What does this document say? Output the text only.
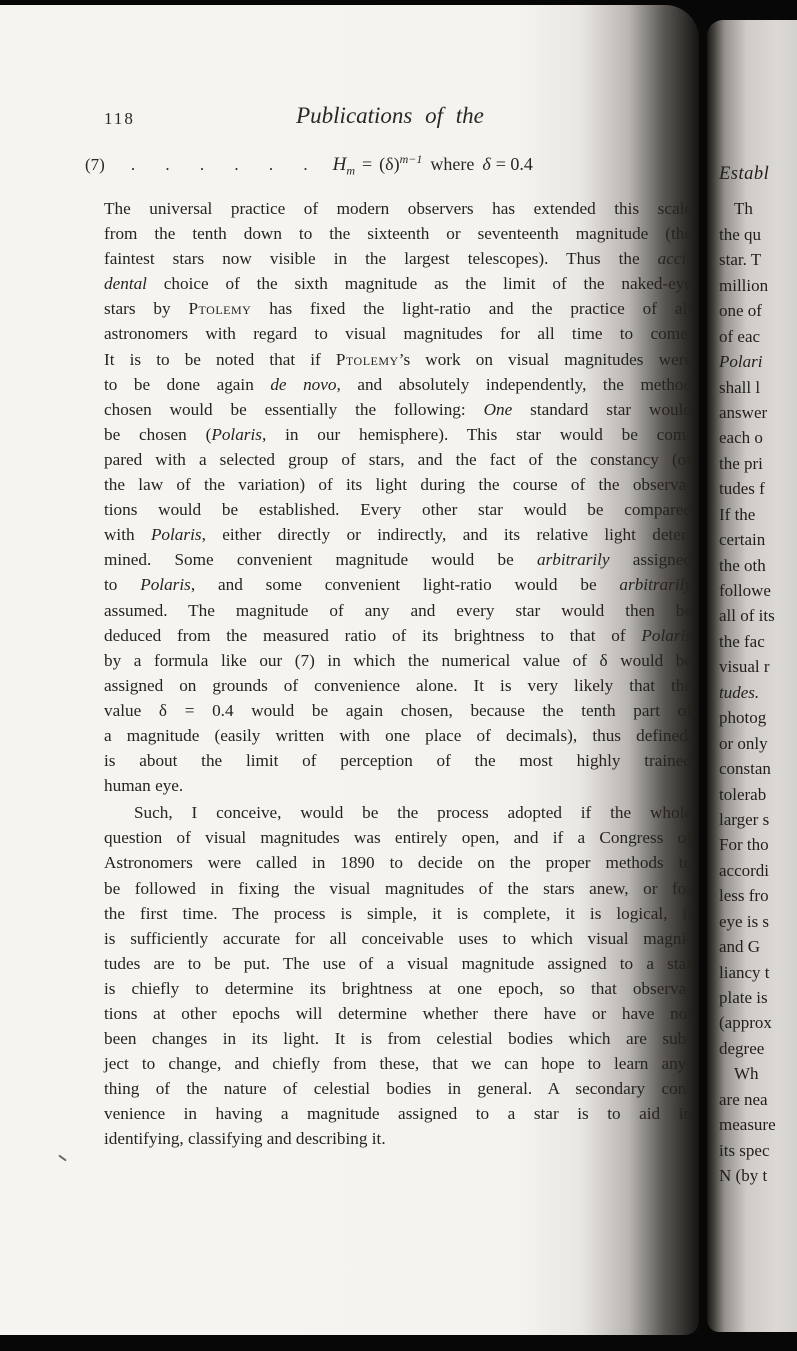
118	Publications of the
(7) . . . . . . $H_m = (\delta)^{m-1}$ where δ = 0.4
The universal practice of modern observers has extended this scale
from the tenth down to the sixteenth or seventeenth magnitude (the
faintest stars now visible in the largest telescopes). Thus the acci-
dental choice of the sixth magnitude as the limit of the naked-eye
stars by Ptolemy has fixed the light-ratio and the practice of all
astronomers with regard to visual magnitudes for all time to come.
It is to be noted that if Ptolemy’s work on visual magnitudes were
to be done again de novo, and absolutely independently, the method
chosen would be essentially the following: One standard star would
be chosen (Polaris, in our hemisphere). This star would be com-
pared with a selected group of stars, and the fact of the constancy (or
the law of the variation) of its light during the course of the observa-
tions would be established. Every other star would be compared
with Polaris, either directly or indirectly, and its relative light deter-
mined. Some convenient magnitude would be arbitrarily assigned
to Polaris, and some convenient light-ratio would be arbitrarily
assumed. The magnitude of any and every star would then be
deduced from the measured ratio of its brightness to that of Polaris
by a formula like our (7) in which the numerical value of δ would be
assigned on grounds of convenience alone. It is very likely that the
value δ = 0.4 would be again chosen, because the tenth part of
a magnitude (easily written with one place of decimals), thus defined,
is about the limit of perception of the most highly trained
human eye.
Such, I conceive, would be the process adopted if the whole
question of visual magnitudes was entirely open, and if a Congress of
Astronomers were called in 1890 to decide on the proper methods to
be followed in fixing the visual magnitudes of the stars anew, or for
the first time. The process is simple, it is complete, it is logical, it
is sufficiently accurate for all conceivable uses to which visual magni-
tudes are to be put. The use of a visual magnitude assigned to a star
is chiefly to determine its brightness at one epoch, so that observa-
tions at other epochs will determine whether there have or have not
been changes in its light. It is from celestial bodies which are sub-
ject to change, and chiefly from these, that we can hope to learn any-
thing of the nature of celestial bodies in general. A secondary con-
venience in having a magnitude assigned to a star is to aid in
identifying, classifying and describing it.
Establ
Th
the qu
star. T
million
one of
of eac
Polari
shall l
answer
each o
the pri
tudes f
If the
certain
the oth
followe
all of its
the fac
visual r
tudes.
photog
or only
constan
tolerab
larger s
For tho
accordi
less fro
eye is s
and G
liancy t
plate is
(approx
degree
Wh
are nea
measure
its spec
N (by t
